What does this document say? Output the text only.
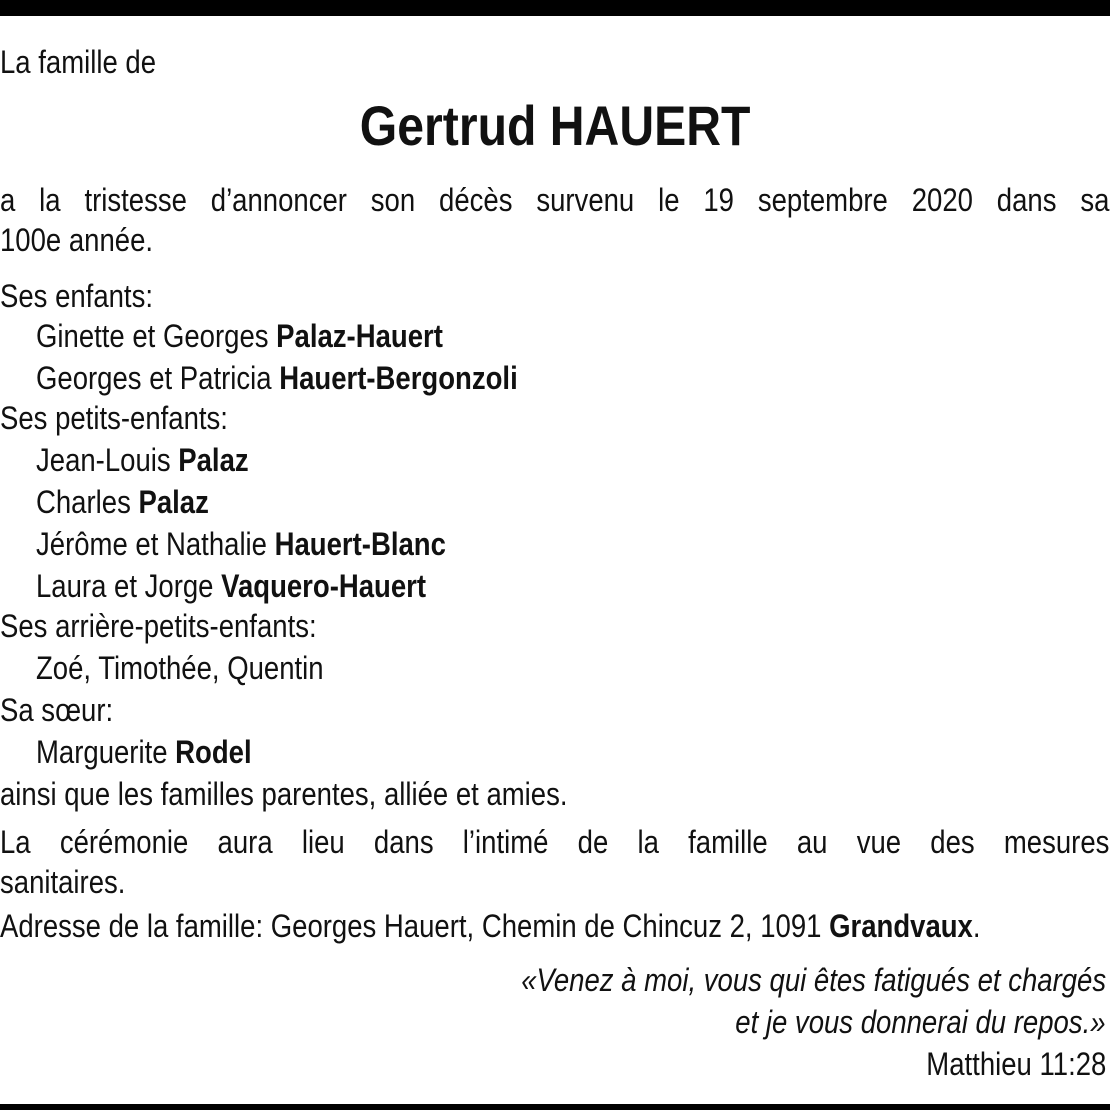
La famille de
Gertrud HAUERT
a la tristesse d’annoncer son décès survenu le 19 septembre 2020 dans sa
100e année.
Ses enfants:
Ginette et Georges Palaz-Hauert
Georges et Patricia Hauert-Bergonzoli
Ses petits-enfants:
Jean-Louis Palaz
Charles Palaz
Jérôme et Nathalie Hauert-Blanc
Laura et Jorge Vaquero-Hauert
Ses arrière-petits-enfants:
Zoé, Timothée, Quentin
Sa sœur:
Marguerite Rodel
ainsi que les familles parentes, alliée et amies.
La cérémonie aura lieu dans l’intimé de la famille au vue des mesures
sanitaires.
Adresse de la famille: Georges Hauert, Chemin de Chincuz 2, 1091 Grandvaux.
«Venez à moi, vous qui êtes fatigués et chargés
et je vous donnerai du repos.»
Matthieu 11:28
